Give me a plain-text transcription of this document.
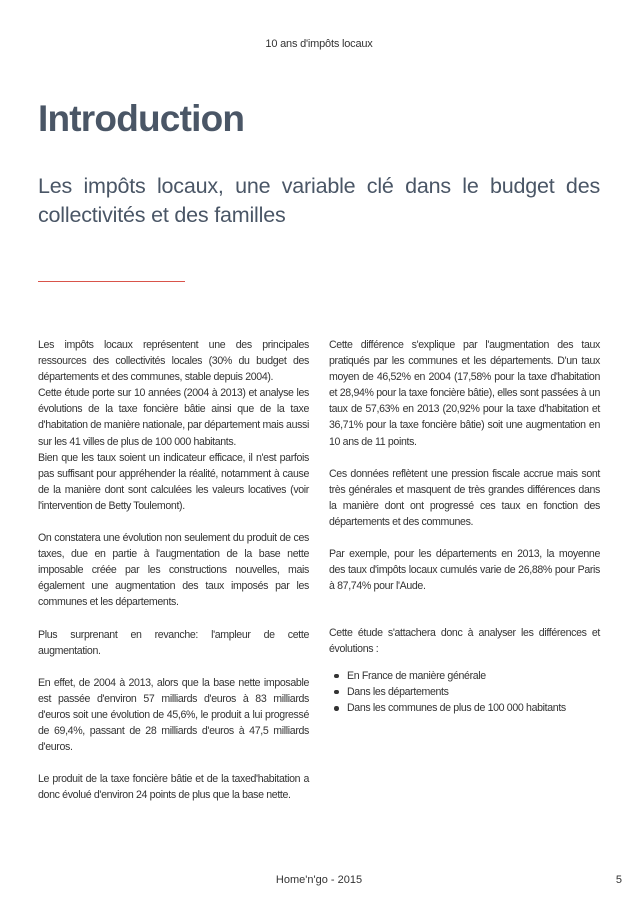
10 ans d'impôts locaux
Introduction
Les impôts locaux, une variable clé dans le budget des collectivités et des familles

Les impôts locaux représentent une des principales ressources des collectivités locales (30% du budget des départements et des communes, stable depuis 2004).

Cette étude porte sur 10 années (2004 à 2013) et analyse les évolutions de la taxe foncière bâtie ainsi que de la taxe d'habitation de manière nationale, par département mais aussi sur les 41 villes de plus de 100 000 habitants.

Bien que les taux soient un indicateur efficace, il n'est parfois pas suffisant pour appréhender la réalité, notamment à cause de la manière dont sont calculées les valeurs locatives (voir l'intervention de Betty Toulemont).

On constatera une évolution non seulement du produit de ces taxes, due en partie à l'augmentation de la base nette imposable créée par les constructions nouvelles, mais également une augmentation des taux imposés par les communes et les départements.

Plus surprenant en revanche: l'ampleur de cette augmentation.

En effet, de 2004 à 2013, alors que la base nette imposable est passée d'environ 57 milliards d'euros à 83 milliards d'euros soit une évolution de 45,6%, le produit a lui progressé de 69,4%, passant de 28 milliards d'euros à 47,5 milliards d'euros.

Le produit de la taxe foncière bâtie et de la taxed'habitation a donc évolué d'environ 24 points de plus que la base nette.

Cette différence s'explique par l'augmentation des taux pratiqués par les communes et les départements. D'un taux moyen de 46,52% en 2004 (17,58% pour la taxe d'habitation et 28,94% pour la taxe foncière bâtie), elles sont passées à un taux de 57,63% en 2013 (20,92% pour la taxe d'habitation et 36,71% pour la taxe foncière bâtie) soit une augmentation en 10 ans de 11 points.

Ces données reflètent une pression fiscale accrue mais sont très générales et masquent de très grandes différences dans la manière dont ont progressé ces taux en fonction des départements et des communes.

Par exemple, pour les départements en 2013, la moyenne des taux d'impôts locaux cumulés varie de 26,88% pour Paris à 87,74% pour l'Aude.

Cette étude s'attachera donc à analyser les différences et évolutions :

En France de manière générale
Dans les départements
Dans les communes de plus de 100 000 habitants
Home'n'go - 2015	5
